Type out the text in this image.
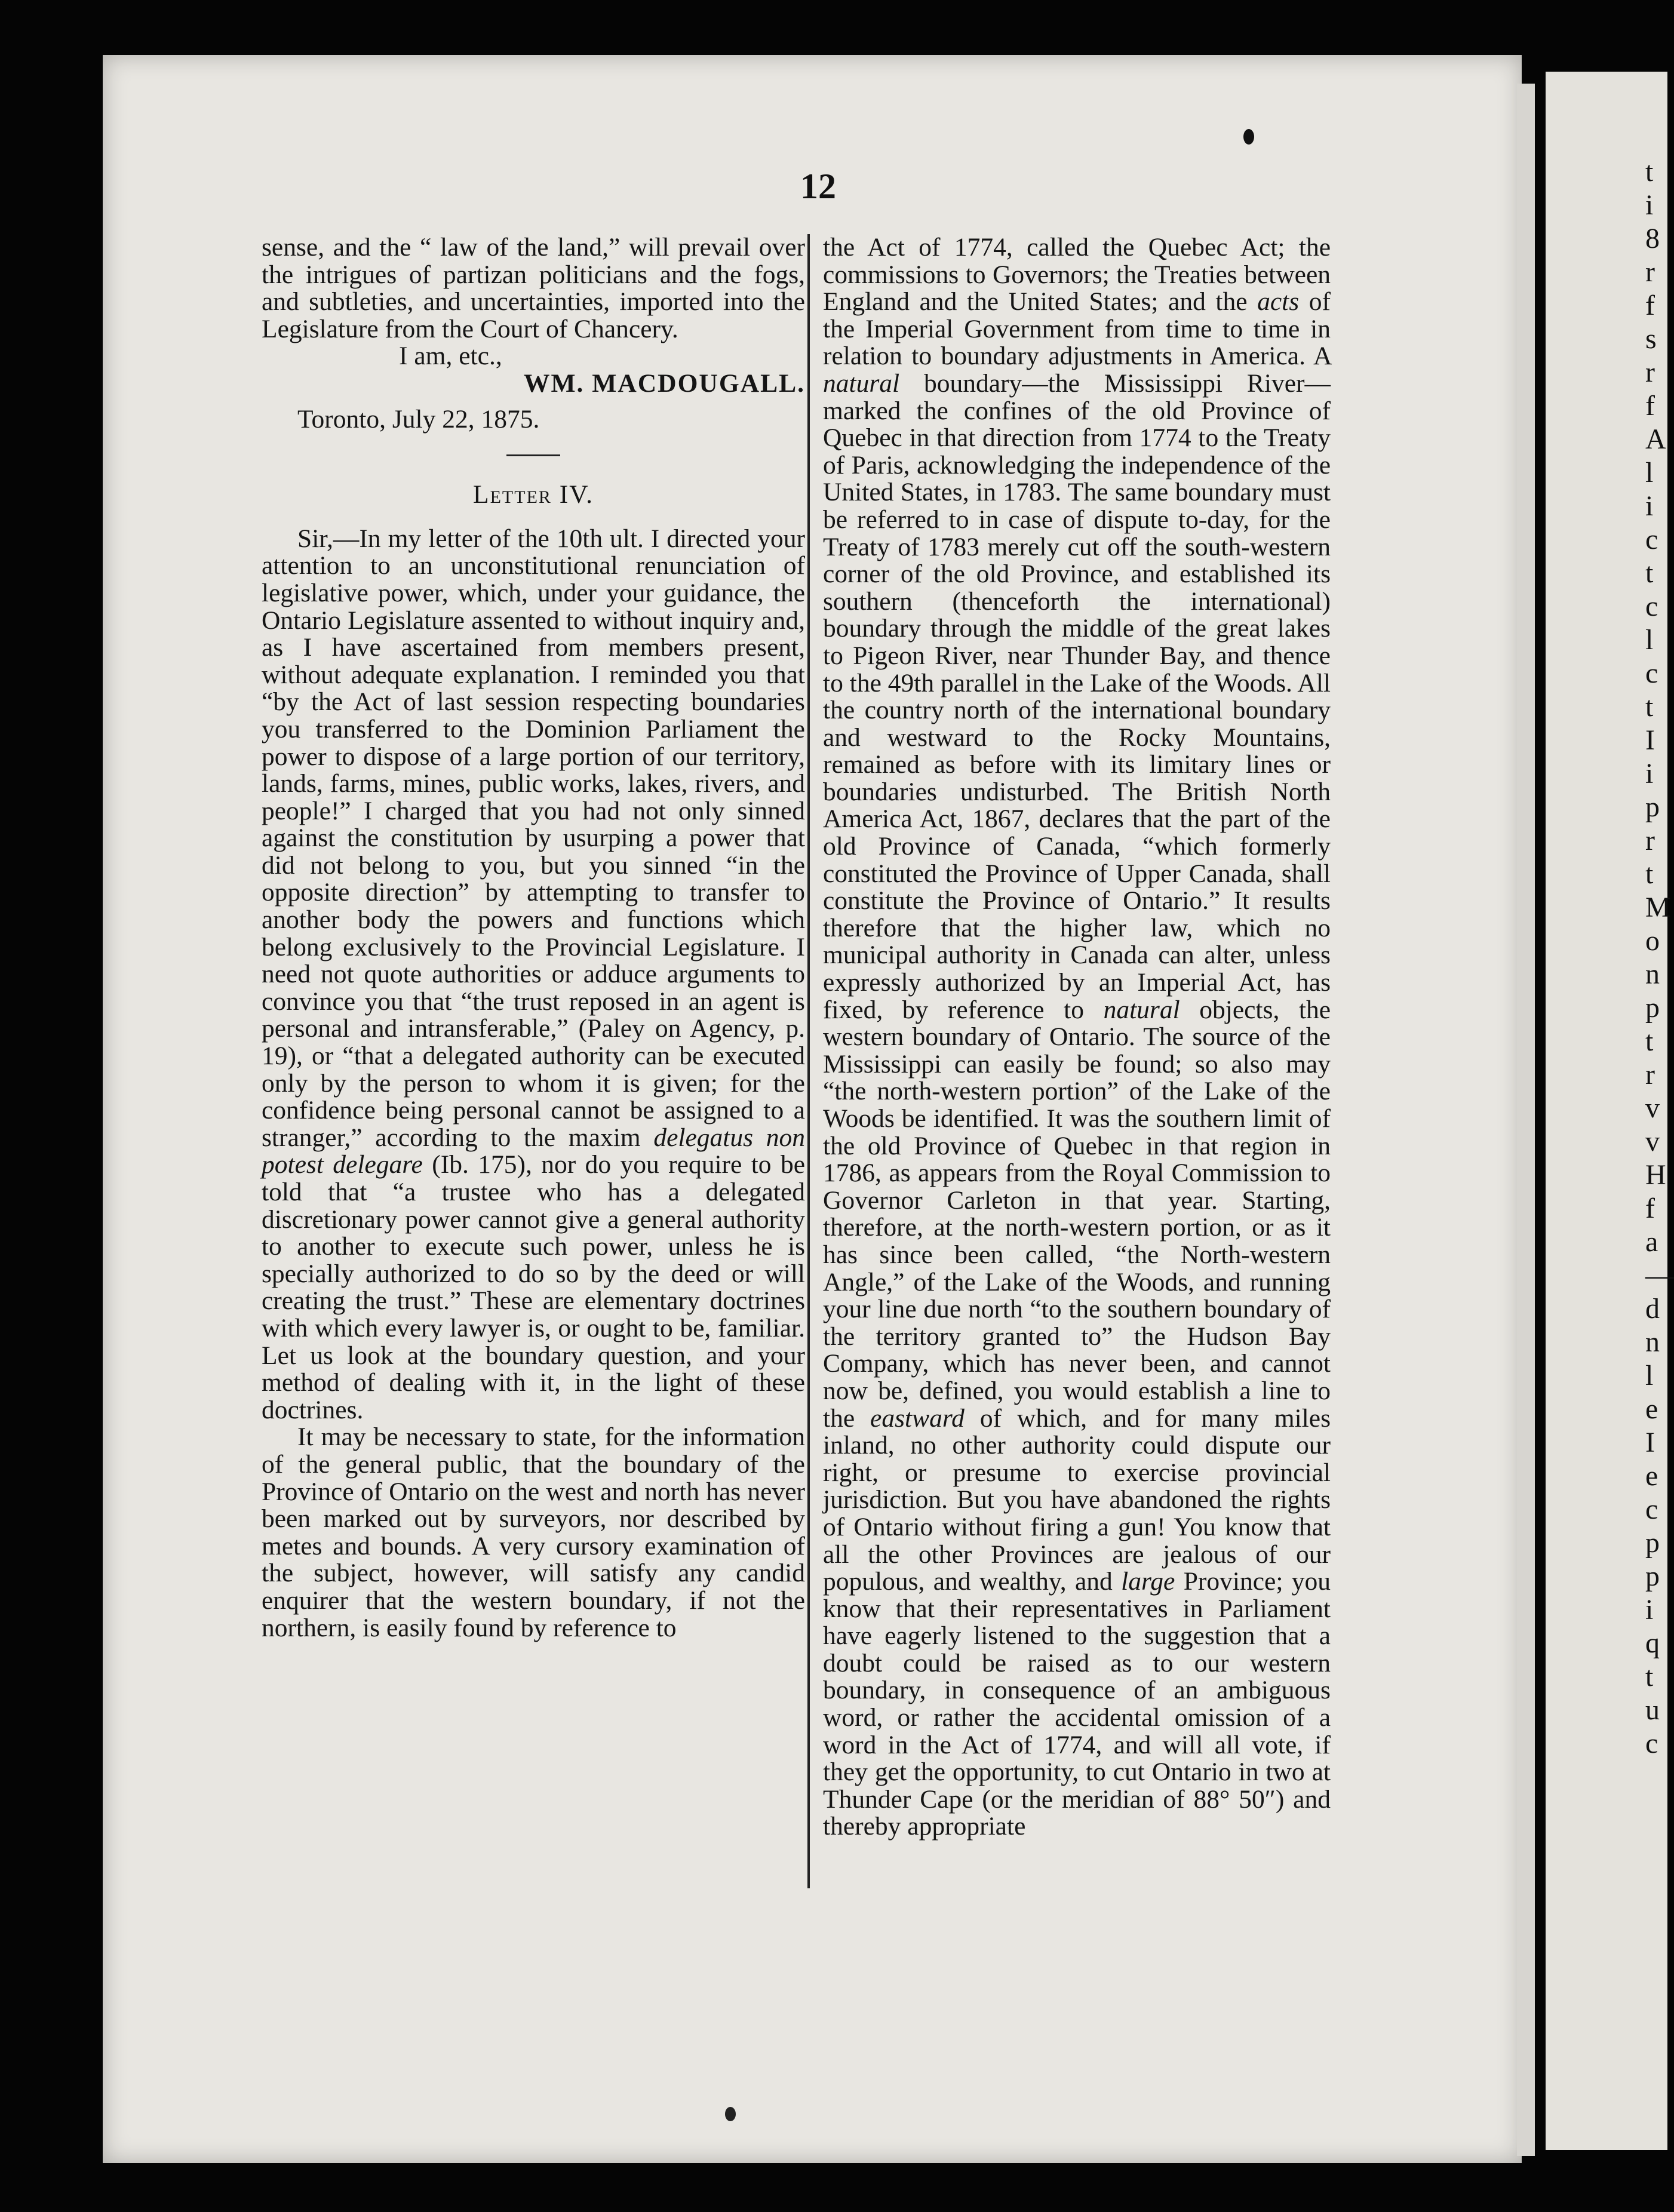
t
i
8
r
f
s
r
f
A
l
i
c
t
c
l
c
t
I
i
p
r
t
M
o
n
p
t
r
v
v
H
f
a
—
d
n
l
e
I
e
c
p
p
i
q
t
u
c
12

sense, and the “ law of the land,” will prevail over the intrigues of partizan politicians and the fogs, and subtleties, and uncertainties, imported into the Legislature from the Court of Chancery.

I am, etc.,

WM. MACDOUGALL.

Toronto, July 22, 1875.

Letter IV.

Sir,—In my letter of the 10th ult. I directed your attention to an unconstitutional renunciation of legislative power, which, under your guidance, the Ontario Legislature assented to without inquiry and, as I have ascertained from members present, without adequate explanation. I reminded you that “by the Act of last session respecting boundaries you transferred to the Dominion Parliament the power to dispose of a large portion of our territory, lands, farms, mines, public works, lakes, rivers, and people!” I charged that you had not only sinned against the constitution by usurping a power that did not belong to you, but you sinned “in the opposite direction” by attempting to transfer to another body the powers and functions which belong exclusively to the Provincial Legislature. I need not quote authorities or adduce arguments to convince you that “the trust reposed in an agent is personal and intransferable,” (Paley on Agency, p. 19), or “that a delegated authority can be executed only by the person to whom it is given; for the confidence being personal cannot be assigned to a stranger,” according to the maxim delegatus non potest delegare (Ib. 175), nor do you require to be told that “a trustee who has a delegated discretionary power cannot give a general authority to another to execute such power, unless he is specially authorized to do so by the deed or will creating the trust.” These are elementary doctrines with which every lawyer is, or ought to be, familiar. Let us look at the boundary question, and your method of dealing with it, in the light of these doctrines.

It may be necessary to state, for the information of the general public, that the boundary of the Province of Ontario on the west and north has never been marked out by surveyors, nor described by metes and bounds. A very cursory examination of the subject, however, will satisfy any candid enquirer that the western boundary, if not the northern, is easily found by reference to

the Act of 1774, called the Quebec Act; the commissions to Governors; the Treaties between England and the United States; and the acts of the Imperial Government from time to time in relation to boundary adjustments in America. A natural boundary—the Mississippi River—marked the confines of the old Province of Quebec in that direction from 1774 to the Treaty of Paris, acknowledging the independence of the United States, in 1783. The same boundary must be referred to in case of dispute to-day, for the Treaty of 1783 merely cut off the south-western corner of the old Province, and established its southern (thenceforth the international) boundary through the middle of the great lakes to Pigeon River, near Thunder Bay, and thence to the 49th parallel in the Lake of the Woods. All the country north of the international boundary and westward to the Rocky Mountains, remained as before with its limitary lines or boundaries undisturbed. The British North America Act, 1867, declares that the part of the old Province of Canada, “which formerly constituted the Province of Upper Canada, shall constitute the Province of Ontario.” It results therefore that the higher law, which no municipal authority in Canada can alter, unless expressly authorized by an Imperial Act, has fixed, by reference to natural objects, the western boundary of Ontario. The source of the Mississippi can easily be found; so also may “the north-western portion” of the Lake of the Woods be identified. It was the southern limit of the old Province of Quebec in that region in 1786, as appears from the Royal Commission to Governor Carleton in that year. Starting, therefore, at the north-western portion, or as it has since been called, “the North-western Angle,” of the Lake of the Woods, and running your line due north “to the southern boundary of the territory granted to” the Hudson Bay Company, which has never been, and cannot now be, defined, you would establish a line to the eastward of which, and for many miles inland, no other authority could dispute our right, or presume to exercise provincial jurisdiction. But you have abandoned the rights of Ontario without firing a gun! You know that all the other Provinces are jealous of our populous, and wealthy, and large Province; you know that their representatives in Parliament have eagerly listened to the suggestion that a doubt could be raised as to our western boundary, in consequence of an ambiguous word, or rather the accidental omission of a word in the Act of 1774, and will all vote, if they get the opportunity, to cut Ontario in two at Thunder Cape (or the meridian of 88° 50″) and thereby appropriate
